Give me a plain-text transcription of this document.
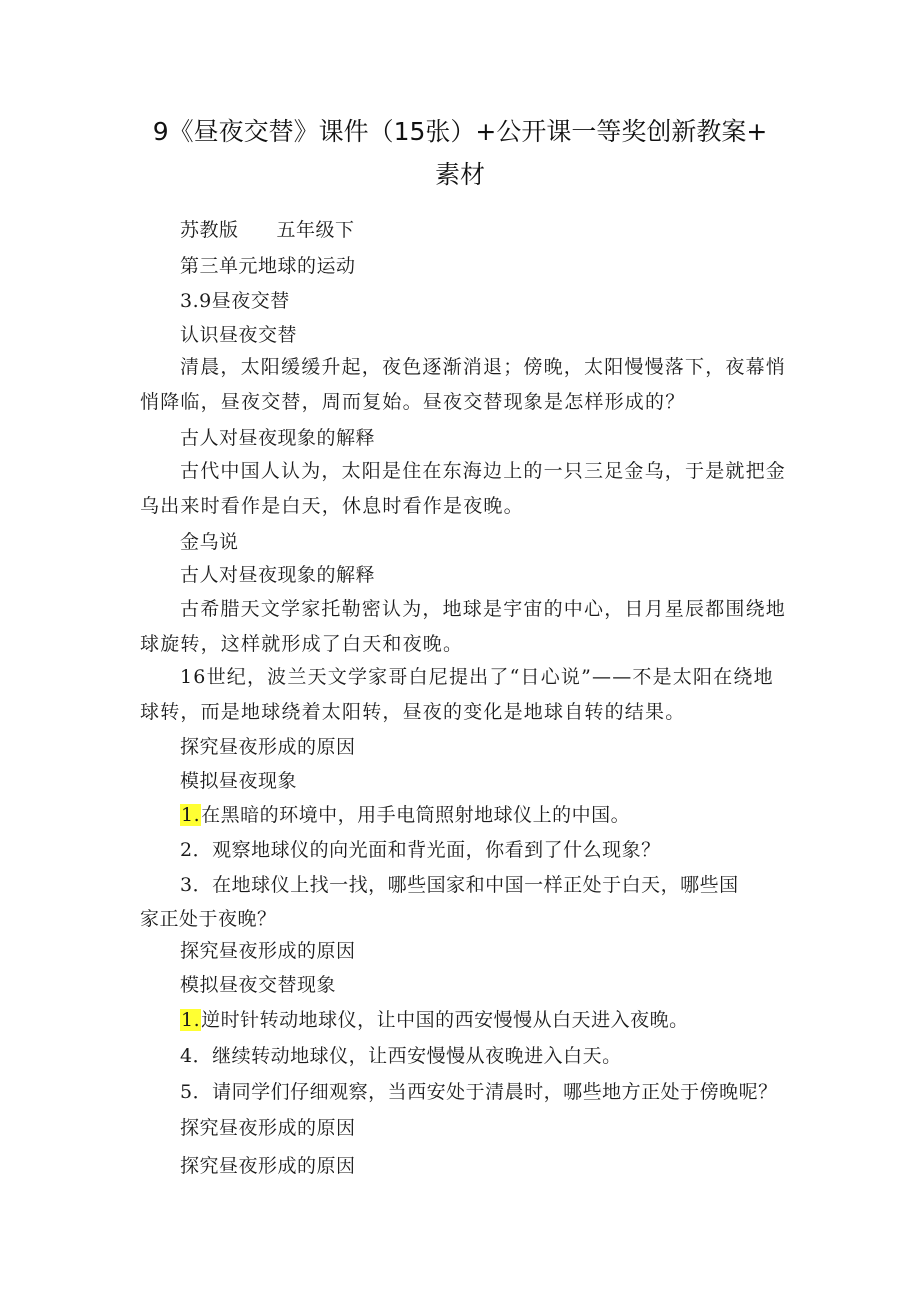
9《昼夜交替》课件（15张）+公开课一等奖创新教案+
素材

苏教版 五年级下

第三单元地球的运动

3.9昼夜交替

认识昼夜交替

清晨，太阳缓缓升起，夜色逐渐消退；傍晚，太阳慢慢落下，夜幕悄悄降临，昼夜交替，周而复始。昼夜交替现象是怎样形成的？

古人对昼夜现象的解释

古代中国人认为，太阳是住在东海边上的一只三足金乌，于是就把金乌出来时看作是白天，休息时看作是夜晚。

金乌说

古人对昼夜现象的解释

古希腊天文学家托勒密认为，地球是宇宙的中心，日月星辰都围绕地球旋转，这样就形成了白天和夜晚。

16世纪，波兰天文学家哥白尼提出了“日心说”——不是太阳在绕地球转，而是地球绕着太阳转，昼夜的变化是地球自转的结果。

探究昼夜形成的原因

模拟昼夜现象

1.在黑暗的环境中，用手电筒照射地球仪上的中国。

2．观察地球仪的向光面和背光面，你看到了什么现象？

3．在地球仪上找一找，哪些国家和中国一样正处于白天，哪些国

家正处于夜晚？

探究昼夜形成的原因

模拟昼夜交替现象

1.逆时针转动地球仪，让中国的西安慢慢从白天进入夜晚。

4．继续转动地球仪，让西安慢慢从夜晚进入白天。

5．请同学们仔细观察，当西安处于清晨时，哪些地方正处于傍晚呢？

探究昼夜形成的原因

探究昼夜形成的原因
